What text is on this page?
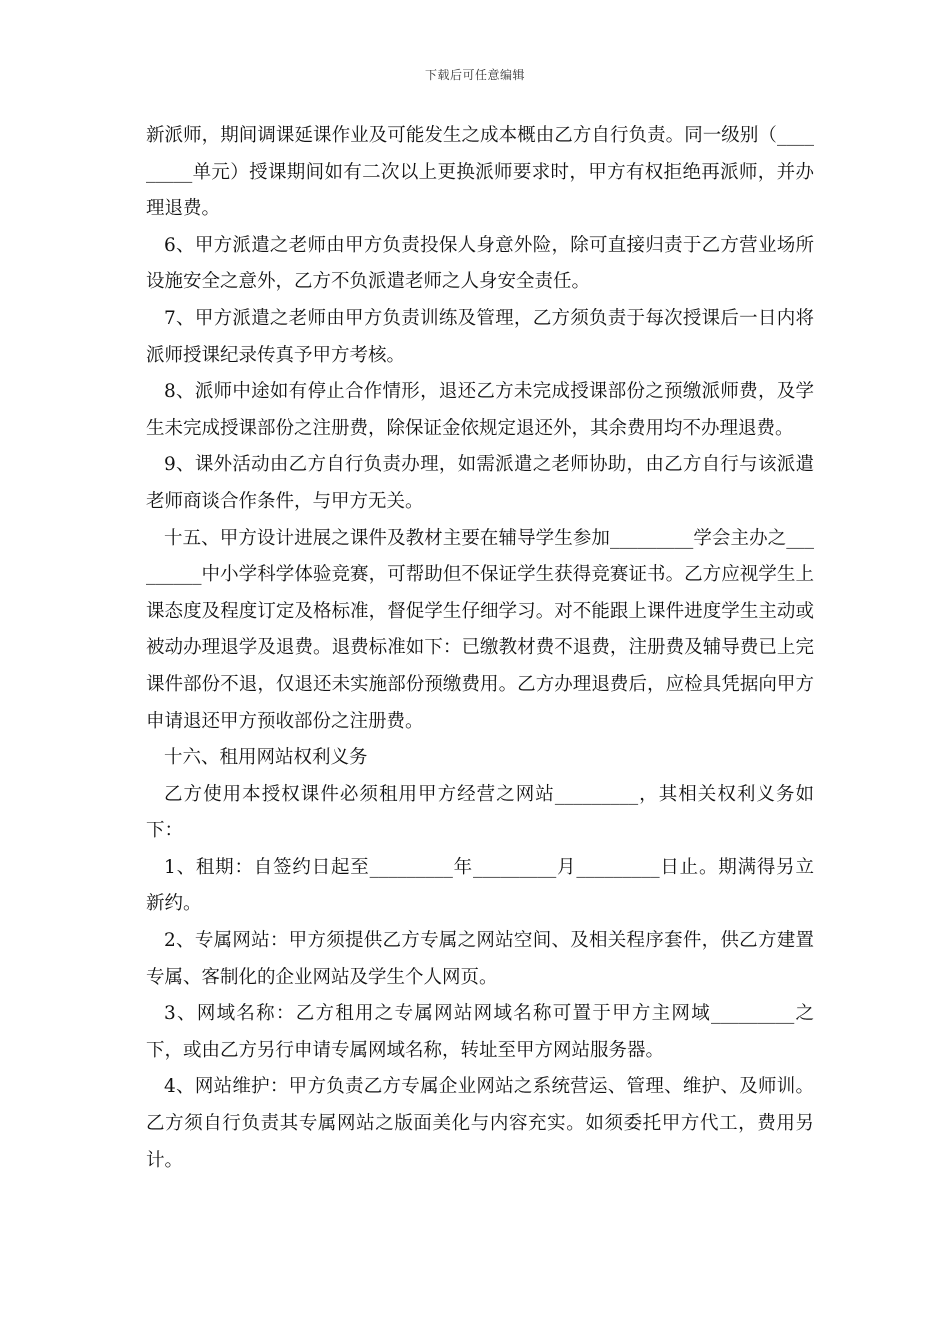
下载后可任意编辑

新派师，期间调课延课作业及可能发生之成本概由乙方自行负责。同一级别（_________单元）授课期间如有二次以上更换派师要求时，甲方有权拒绝再派师，并办理退费。

6、甲方派遣之老师由甲方负责投保人身意外险，除可直接归责于乙方营业场所设施安全之意外，乙方不负派遣老师之人身安全责任。

7、甲方派遣之老师由甲方负责训练及管理，乙方须负责于每次授课后一日内将派师授课纪录传真予甲方考核。

8、派师中途如有停止合作情形，退还乙方未完成授课部份之预缴派师费，及学生未完成授课部份之注册费，除保证金依规定退还外，其余费用均不办理退费。

9、课外活动由乙方自行负责办理，如需派遣之老师协助，由乙方自行与该派遣老师商谈合作条件，与甲方无关。

十五、甲方设计进展之课件及教材主要在辅导学生参加_________学会主办之_________中小学科学体验竞赛，可帮助但不保证学生获得竞赛证书。乙方应视学生上课态度及程度订定及格标准，督促学生仔细学习。对不能跟上课件进度学生主动或被动办理退学及退费。退费标准如下：已缴教材费不退费，注册费及辅导费已上完课件部份不退，仅退还未实施部份预缴费用。乙方办理退费后，应检具凭据向甲方申请退还甲方预收部份之注册费。

十六、租用网站权利义务

乙方使用本授权课件必须租用甲方经营之网站_________，其相关权利义务如下：

1、租期：自签约日起至_________年_________月_________日止。期满得另立新约。

2、专属网站：甲方须提供乙方专属之网站空间、及相关程序套件，供乙方建置专属、客制化的企业网站及学生个人网页。

3、网域名称：乙方租用之专属网站网域名称可置于甲方主网域_________之下，或由乙方另行申请专属网域名称，转址至甲方网站服务器。

4、网站维护：甲方负责乙方专属企业网站之系统营运、管理、维护、及师训。乙方须自行负责其专属网站之版面美化与内容充实。如须委托甲方代工，费用另计。
